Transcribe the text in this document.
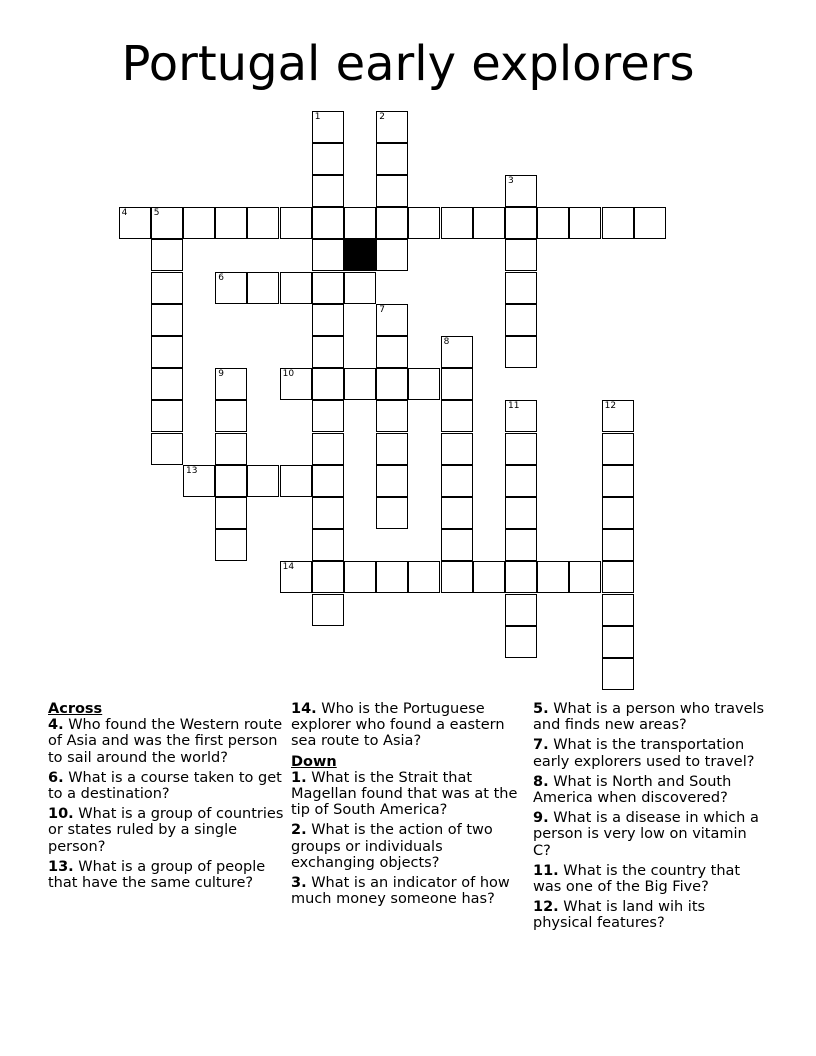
Portugal early explorers
1	2
3
4	5
6
7
8
9	10
11	12
13
14
Across
4. Who found the Western route of Asia and was the first person to sail around the world?
6. What is a course taken to get to a destination?
10. What is a group of countries or states ruled by a single person?
13. What is a group of people that have the same culture?
14. Who is the Portuguese explorer who found a eastern sea route to Asia?
Down
1. What is the Strait that Magellan found that was at the tip of South America?
2. What is the action of two groups or individuals exchanging objects?
3. What is an indicator of how much money someone has?
5. What is a person who travels and finds new areas?
7. What is the transportation early explorers used to travel?
8. What is North and South America when discovered?
9. What is a disease in which a person is very low on vitamin C?
11. What is the country that was one of the Big Five?
12. What is land wih its physical features?
